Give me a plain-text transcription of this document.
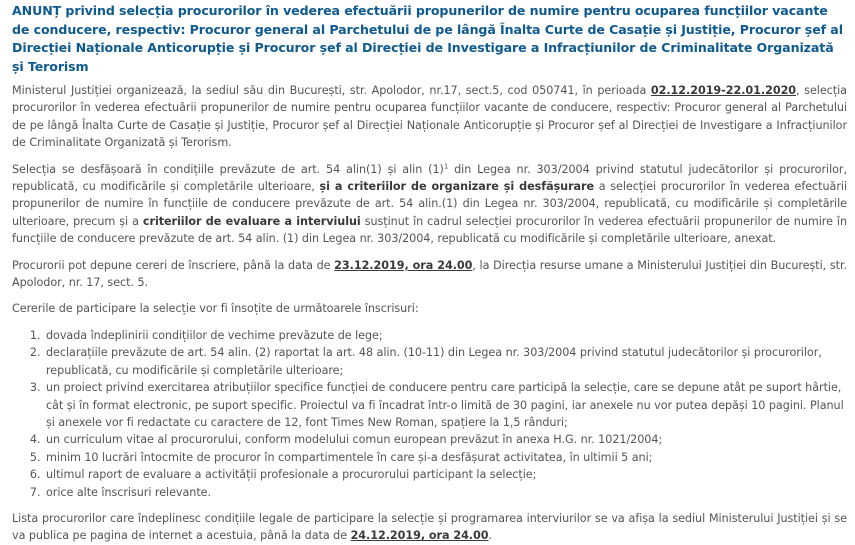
ANUNȚ privind selecția procurorilor în vederea efectuării propunerilor de numire pentru ocuparea funcțiilor vacante de conducere, respectiv: Procuror general al Parchetului de pe lângă Înalta Curte de Casație și Justiție, Procuror șef al Direcției Naționale Anticorupție și Procuror șef al Direcției de Investigare a Infracțiunilor de Criminalitate Organizată și Terorism

Ministerul Justiției organizează, la sediul său din București, str. Apolodor, nr.17, sect.5, cod 050741, în perioada 02.12.2019-22.01.2020, selecția procurorilor în vederea efectuării propunerilor de numire pentru ocuparea funcțiilor vacante de conducere, respectiv: Procuror general al Parchetului de pe lângă Înalta Curte de Casație și Justiție, Procuror șef al Direcției Naționale Anticorupție și Procuror șef al Direcției de Investigare a Infracțiunilor de Criminalitate Organizată și Terorism.

Selecția se desfășoară în condițiile prevăzute de art. 54 alin(1) și alin $(1)^1$ din Legea nr. 303/2004 privind statutul judecătorilor și procurorilor, republicată, cu modificările și completările ulterioare, și a criteriilor de organizare și desfășurare a selecției procurorilor în vederea efectuării propunerilor de numire în funcțiile de conducere prevăzute de art. 54 alin.(1) din Legea nr. 303/2004, republicată, cu modificările și completările ulterioare, precum și a criteriilor de evaluare a interviului susținut în cadrul selecției procurorilor în vederea efectuării propunerilor de numire în funcțiile de conducere prevăzute de art. 54 alin. (1) din Legea nr. 303/2004, republicată cu modificările și completările ulterioare, anexat.

Procurorii pot depune cereri de înscriere, până la data de 23.12.2019, ora 24.00, la Direcția resurse umane a Ministerului Justiției din București, str. Apolodor, nr. 17, sect. 5.

Cererile de participare la selecție vor fi însoțite de următoarele înscrisuri:

1. dovada îndeplinirii condițiilor de vechime prevăzute de lege;
2. declarațiile prevăzute de art. 54 alin. (2) raportat la art. 48 alin. (10-11) din Legea nr. 303/2004 privind statutul judecătorilor și procurorilor, republicată, cu modificările și completările ulterioare;
3. un proiect privind exercitarea atribuțiilor specifice funcției de conducere pentru care participă la selecție, care se depune atât pe suport hârtie, cât și în format electronic, pe suport specific. Proiectul va fi încadrat într-o limită de 30 pagini, iar anexele nu vor putea depăși 10 pagini. Planul și anexele vor fi redactate cu caractere de 12, font Times New Roman, spațiere la 1,5 rânduri;
4. un curriculum vitae al procurorului, conform modelului comun european prevăzut în anexa H.G. nr. 1021/2004;
5. minim 10 lucrări întocmite de procuror în compartimentele în care și-a desfășurat activitatea, în ultimii 5 ani;
6. ultimul raport de evaluare a activității profesionale a procurorului participant la selecție;
7. orice alte înscrisuri relevante.

Lista procurorilor care îndeplinesc condițiile legale de participare la selecție și programarea interviurilor se va afișa la sediul Ministerului Justiției și se va publica pe pagina de internet a acestuia, până la data de 24.12.2019, ora 24.00.
